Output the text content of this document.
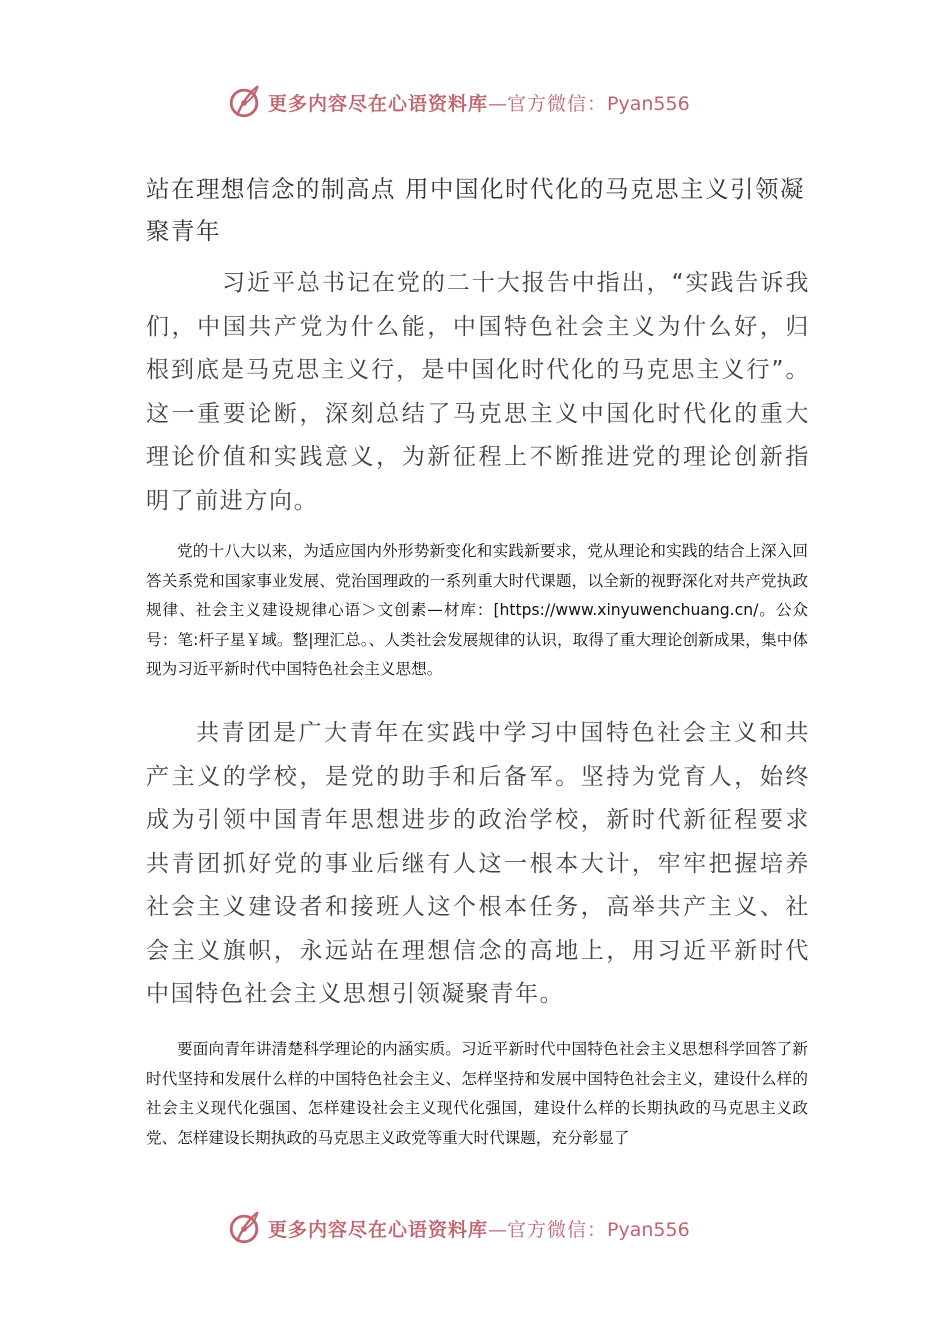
更多内容尽在心语资料库—官方微信：Pyan556
站在理想信念的制高点 用中国化时代化的马克思主义引领凝聚青年

习近平总书记在党的二十大报告中指出，“实践告诉我们，中国共产党为什么能，中国特色社会主义为什么好，归根到底是马克思主义行，是中国化时代化的马克思主义行”。这一重要论断，深刻总结了马克思主义中国化时代化的重大理论价值和实践意义，为新征程上不断推进党的理论创新指明了前进方向。

党的十八大以来，为适应国内外形势新变化和实践新要求，党从理论和实践的结合上深入回答关系党和国家事业发展、党治国理政的一系列重大时代课题，以全新的视野深化对共产党执政规律、社会主义建设规律心语＞文创素—材库：[https://www.xinyuwenchuang.cn/。公众号：笔:杆子星￥域。整|理汇总。、人类社会发展规律的认识，取得了重大理论创新成果，集中体现为习近平新时代中国特色社会主义思想。

共青团是广大青年在实践中学习中国特色社会主义和共产主义的学校，是党的助手和后备军。坚持为党育人，始终成为引领中国青年思想进步的政治学校，新时代新征程要求共青团抓好党的事业后继有人这一根本大计，牢牢把握培养社会主义建设者和接班人这个根本任务，高举共产主义、社会主义旗帜，永远站在理想信念的高地上，用习近平新时代中国特色社会主义思想引领凝聚青年。

要面向青年讲清楚科学理论的内涵实质。习近平新时代中国特色社会主义思想科学回答了新时代坚持和发展什么样的中国特色社会主义、怎样坚持和发展中国特色社会主义，建设什么样的社会主义现代化强国、怎样建设社会主义现代化强国，建设什么样的长期执政的马克思主义政党、怎样建设长期执政的马克思主义政党等重大时代课题，充分彰显了

更多内容尽在心语资料库—官方微信：Pyan556
